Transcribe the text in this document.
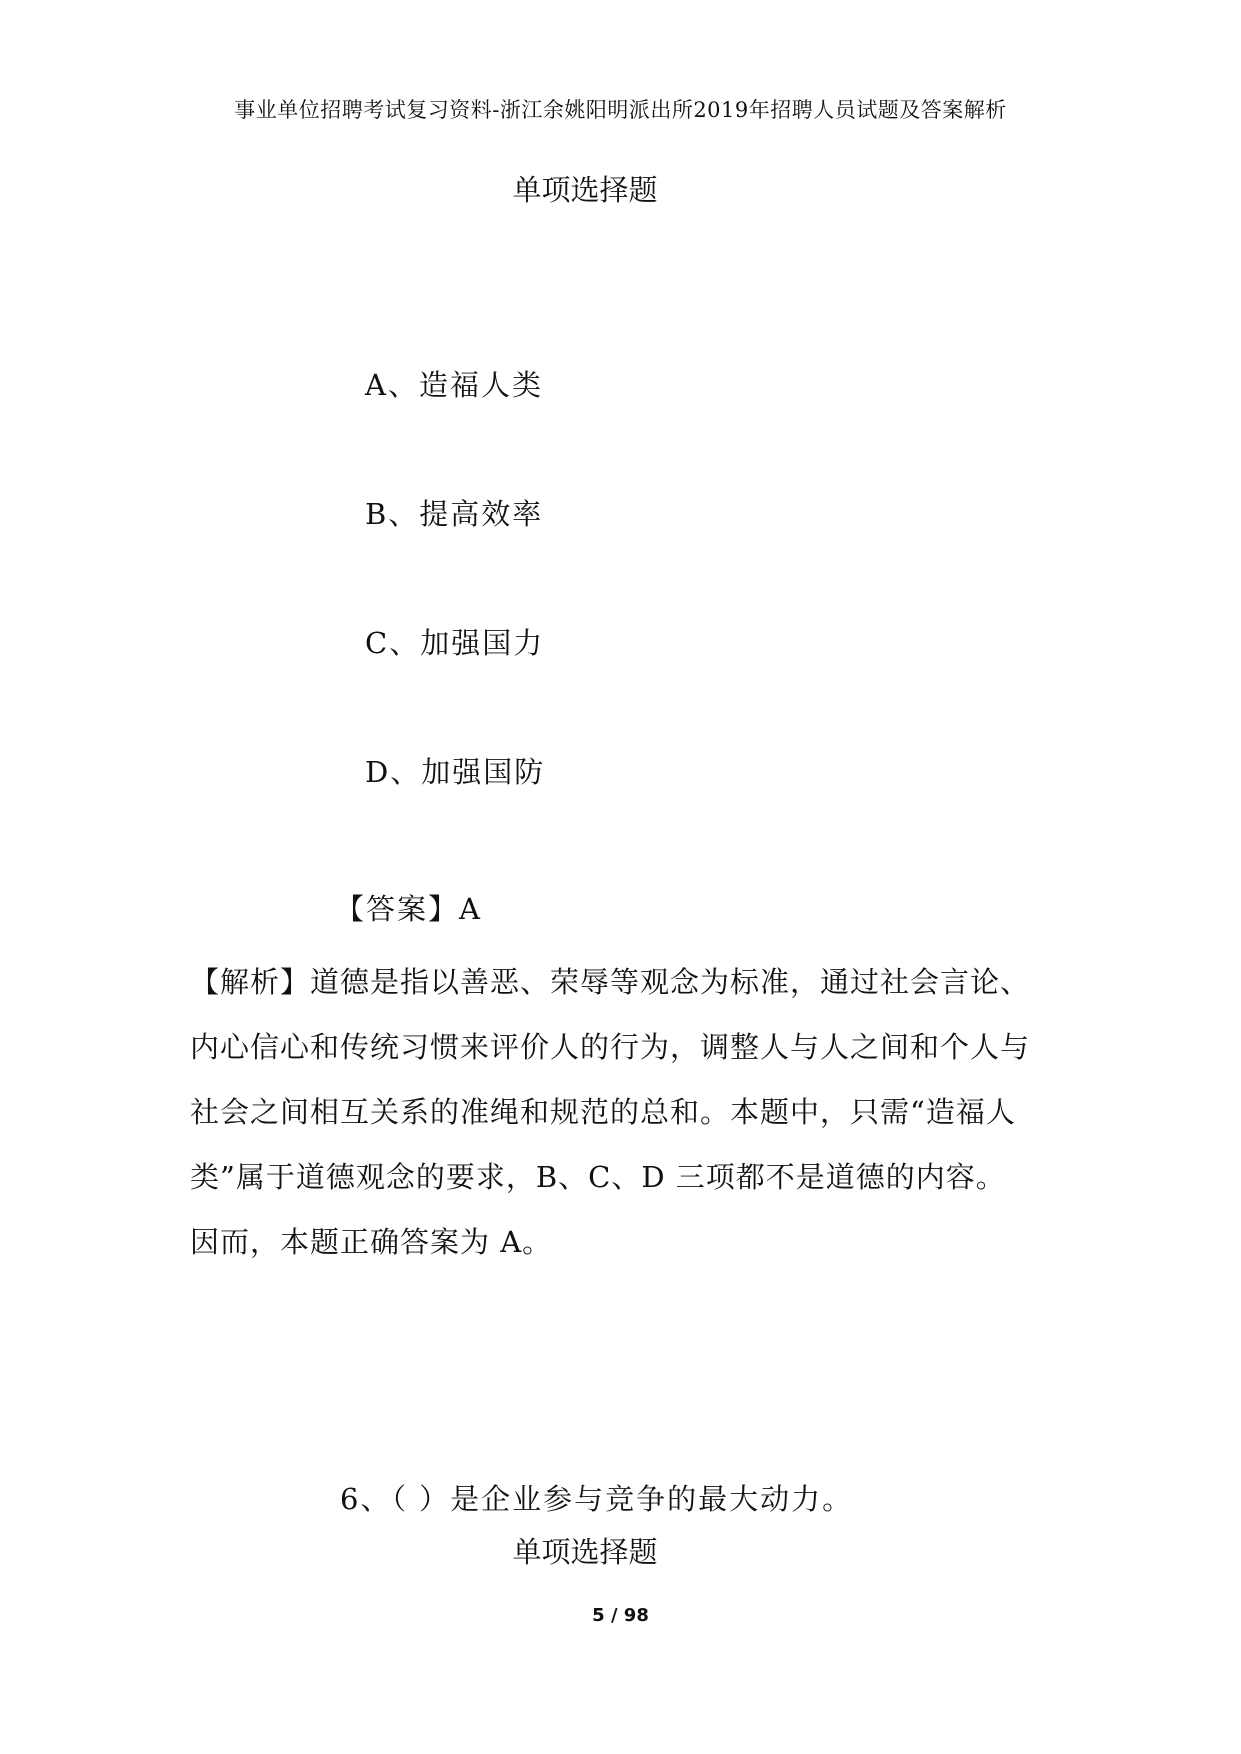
事业单位招聘考试复习资料-浙江余姚阳明派出所2019年招聘人员试题及答案解析
单项选择题
A、造福人类
B、提高效率
C、加强国力
D、加强国防
【答案】A
【解析】道德是指以善恶、荣辱等观念为标准，通过社会言论、
内心信心和传统习惯来评价人的行为，调整人与人之间和个人与
社会之间相互关系的准绳和规范的总和。本题中，只需“造福人
类”属于道德观念的要求，B、C、D 三项都不是道德的内容。
因而，本题正确答案为 A。
6、（ ）是企业参与竞争的最大动力。
单项选择题
5 / 98
